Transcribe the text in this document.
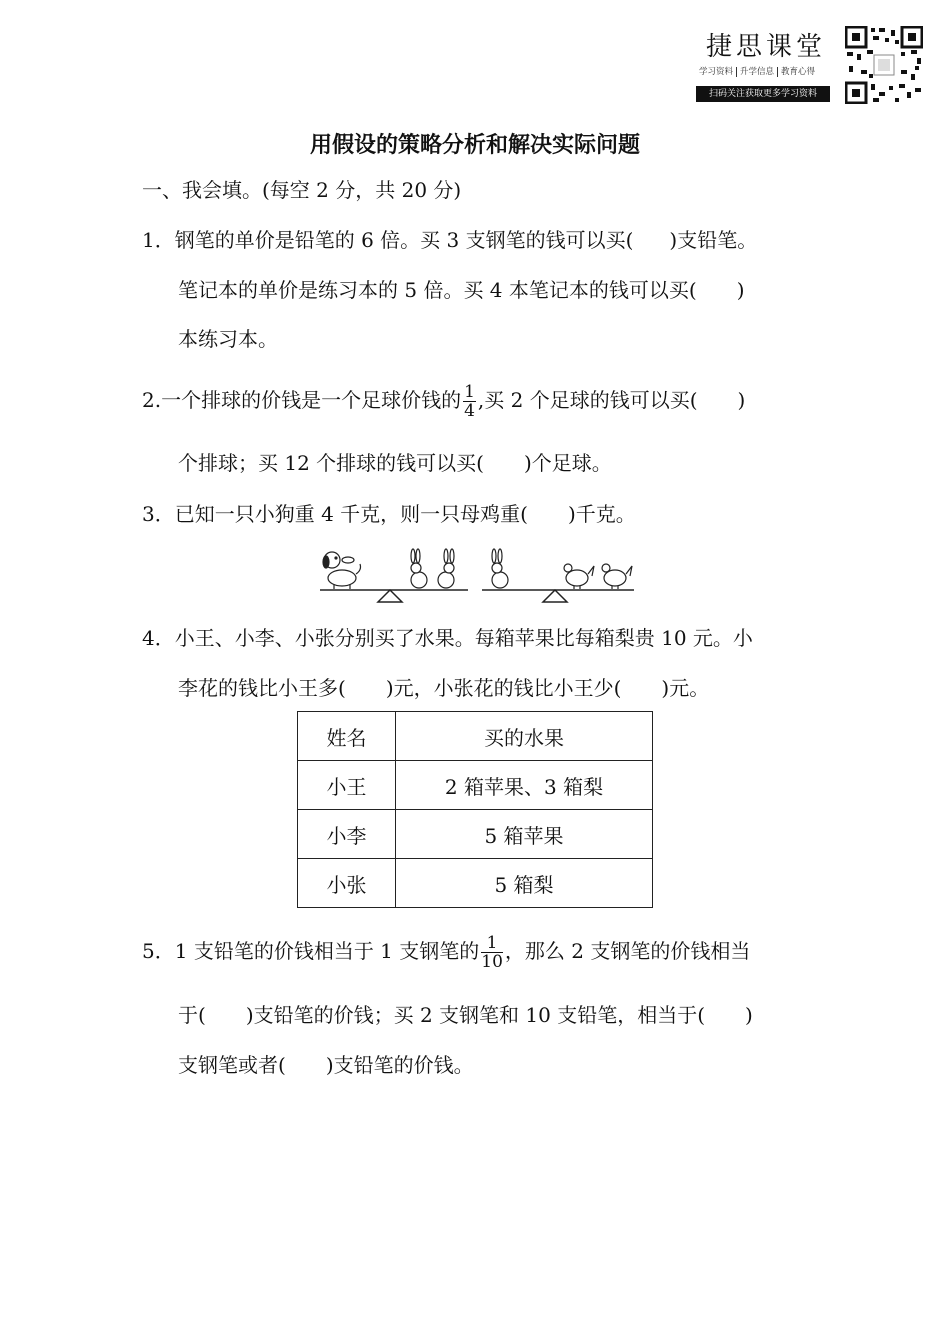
捷思课堂
学习资料 升学信息 教育心得
扫码关注获取更多学习资料
用假设的策略分析和解决实际问题
一、我会填。(每空 2 分，共 20 分)
1．钢笔的单价是铅笔的 6 倍。买 3 支钢笔的钱可以买( )支铅笔。
笔记本的单价是练习本的 5 倍。买 4 本笔记本的钱可以买( )
本练习本。
2.一个排球的价钱是一个足球价钱的 $\frac{1}{4}$ ,买 2 个足球的钱可以买( )
个排球；买 12 个排球的钱可以买( )个足球。
3．已知一只小狗重 4 千克，则一只母鸡重( )千克。
4．小王、小李、小张分别买了水果。每箱苹果比每箱梨贵 10 元。小
李花的钱比小王多( )元，小张花的钱比小王少( )元。
姓名	买的水果
小王	2 箱苹果、3 箱梨
小李	5 箱苹果
小张	5 箱梨
5．1 支铅笔的价钱相当于 1 支钢笔的 $\frac{1}{10}$ ，那么 2 支钢笔的价钱相当
于( )支铅笔的价钱；买 2 支钢笔和 10 支铅笔，相当于( )
支钢笔或者( )支铅笔的价钱。
